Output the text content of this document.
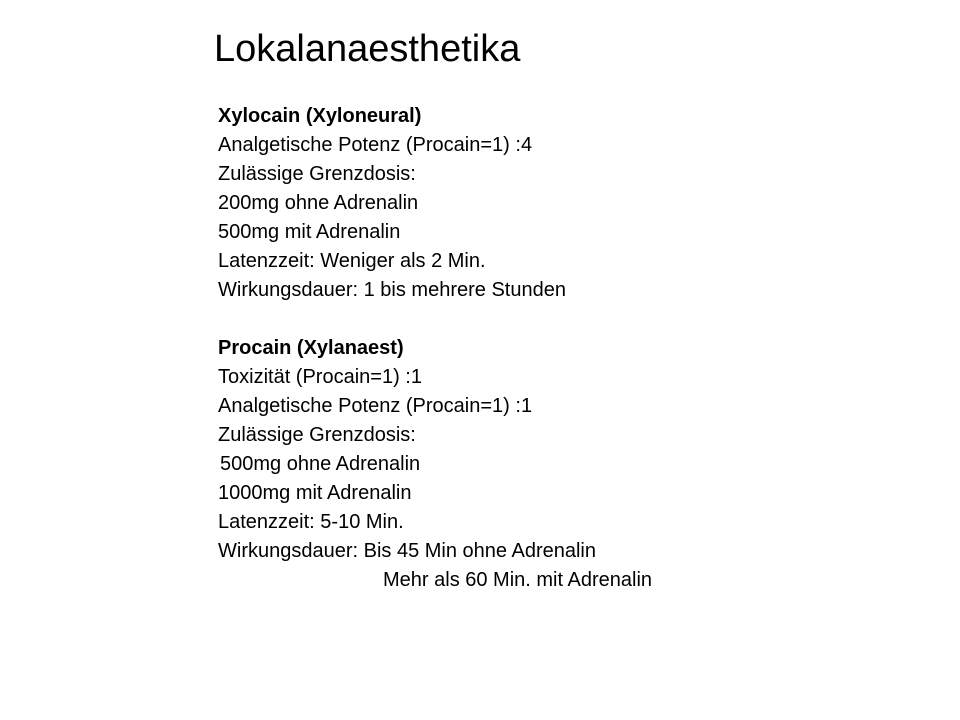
Lokalanaesthetika
Xylocain (Xyloneural)
Analgetische Potenz (Procain=1) :4
Zulässige Grenzdosis:
200mg ohne Adrenalin
500mg mit Adrenalin
Latenzzeit: Weniger als 2 Min.
Wirkungsdauer: 1 bis mehrere Stunden
Procain (Xylanaest)
Toxizität (Procain=1) :1
Analgetische Potenz (Procain=1) :1
Zulässige Grenzdosis:
500mg ohne Adrenalin
1000mg mit Adrenalin
Latenzzeit: 5-10 Min.
Wirkungsdauer: Bis 45 Min ohne Adrenalin
Mehr als 60 Min. mit Adrenalin
